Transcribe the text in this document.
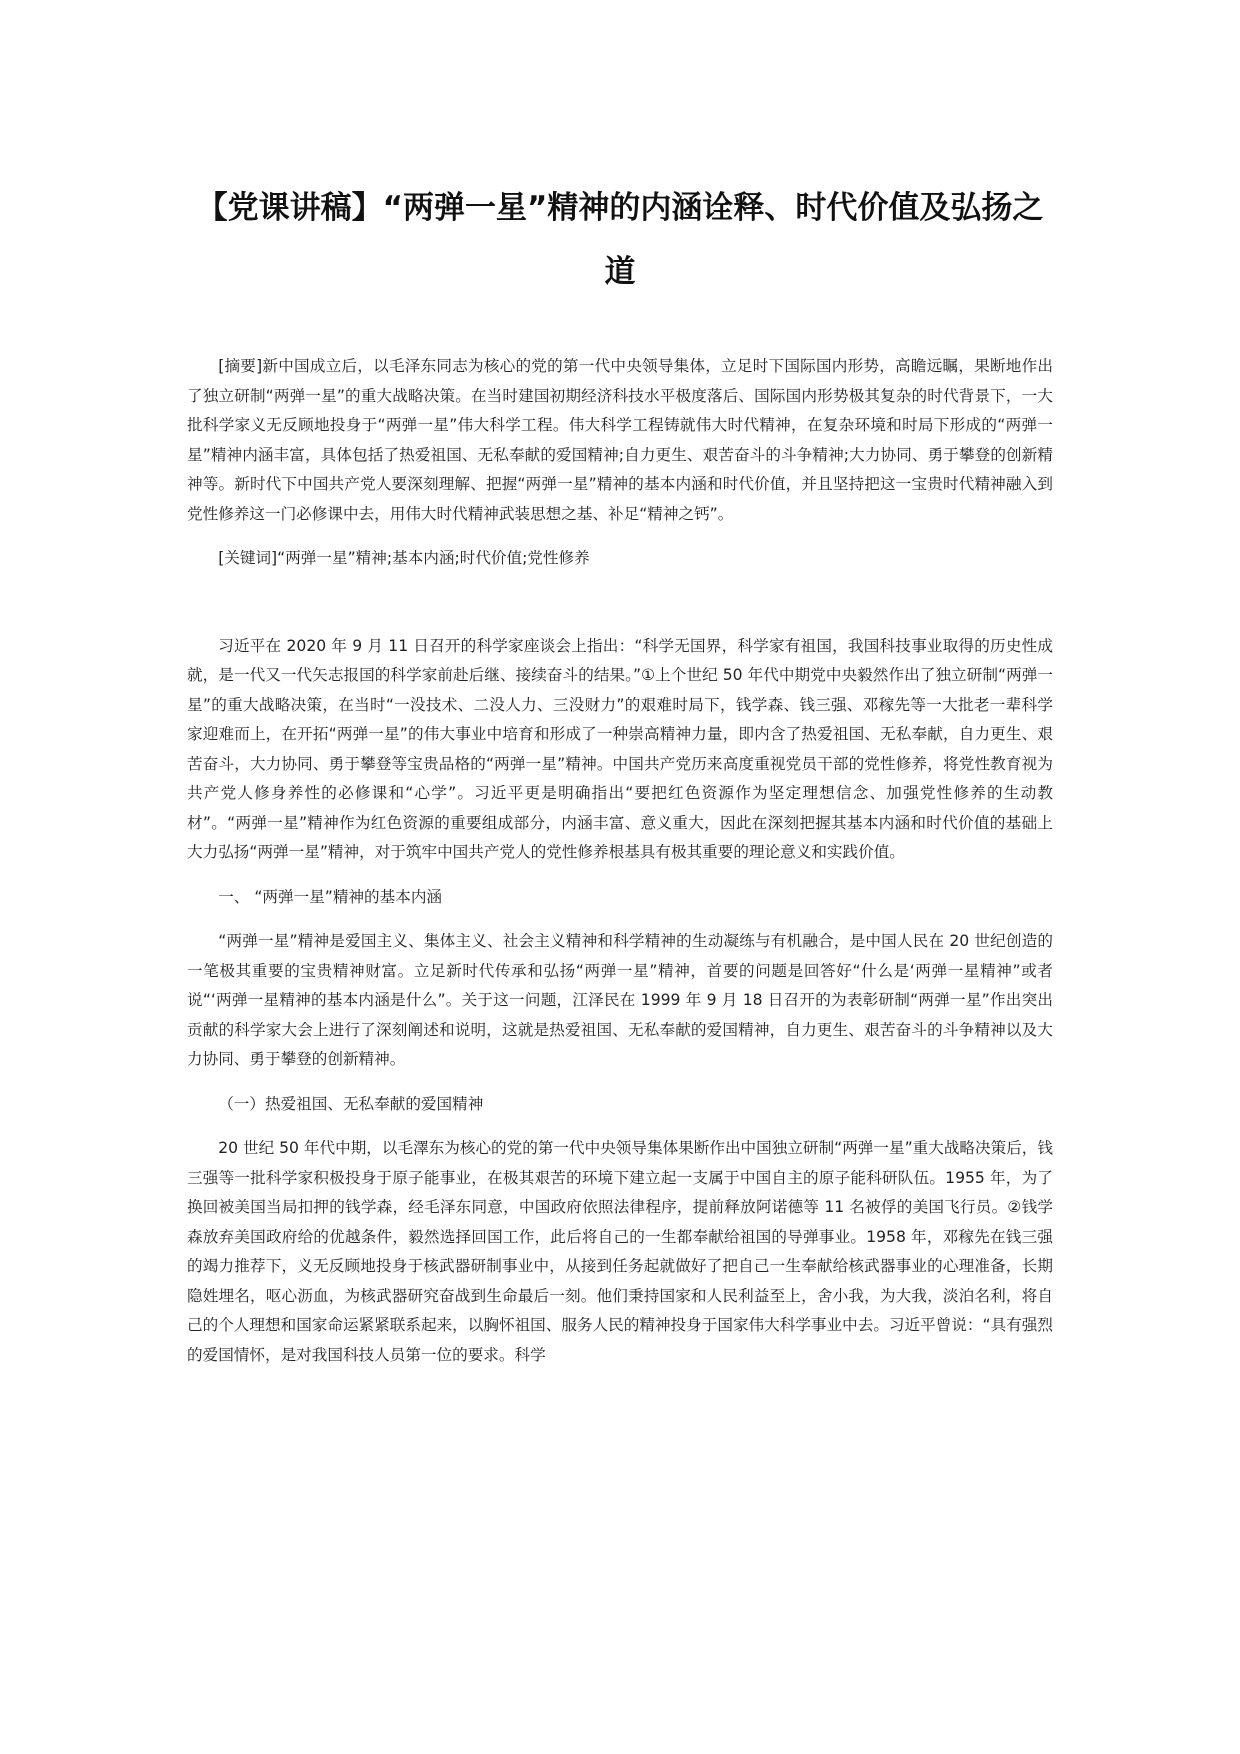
【党课讲稿】“两弹一星”精神的内涵诠释、时代价值及弘扬之道

[摘要]新中国成立后，以毛泽东同志为核心的党的第一代中央领导集体，立足时下国际国内形势，高瞻远瞩，果断地作出了独立研制“两弹一星”的重大战略决策。在当时建国初期经济科技水平极度落后、国际国内形势极其复杂的时代背景下，一大批科学家义无反顾地投身于“两弹一星”伟大科学工程。伟大科学工程铸就伟大时代精神，在复杂环境和时局下形成的“两弹一星”精神内涵丰富，具体包括了热爱祖国、无私奉献的爱国精神;自力更生、艰苦奋斗的斗争精神;大力协同、勇于攀登的创新精神等。新时代下中国共产党人要深刻理解、把握“两弹一星”精神的基本内涵和时代价值，并且坚持把这一宝贵时代精神融入到党性修养这一门必修课中去，用伟大时代精神武装思想之基、补足“精神之钙”。

[关键词]“两弹一星”精神;基本内涵;时代价值;党性修养

习近平在 2020 年 9 月 11 日召开的科学家座谈会上指出：“科学无国界，科学家有祖国，我国科技事业取得的历史性成就，是一代又一代矢志报国的科学家前赴后继、接续奋斗的结果。”①上个世纪 50 年代中期党中央毅然作出了独立研制“两弹一星”的重大战略决策，在当时“一没技术、二没人力、三没财力”的艰难时局下，钱学森、钱三强、邓稼先等一大批老一辈科学家迎难而上，在开拓“两弹一星”的伟大事业中培育和形成了一种崇高精神力量，即内含了热爱祖国、无私奉献，自力更生、艰苦奋斗，大力协同、勇于攀登等宝贵品格的“两弹一星”精神。中国共产党历来高度重视党员干部的党性修养，将党性教育视为共产党人修身养性的必修课和“心学”。习近平更是明确指出“要把红色资源作为坚定理想信念、加强党性修养的生动教材”。“两弹一星”精神作为红色资源的重要组成部分，内涵丰富、意义重大，因此在深刻把握其基本内涵和时代价值的基础上大力弘扬“两弹一星”精神，对于筑牢中国共产党人的党性修养根基具有极其重要的理论意义和实践价值。

一、 “两弹一星”精神的基本内涵

“两弹一星”精神是爱国主义、集体主义、社会主义精神和科学精神的生动凝练与有机融合，是中国人民在 20 世纪创造的一笔极其重要的宝贵精神财富。立足新时代传承和弘扬“两弹一星”精神，首要的问题是回答好“什么是‘两弹一星精神”或者说“‘两弹一星精神的基本内涵是什么”。关于这一问题，江泽民在 1999 年 9 月 18 日召开的为表彰研制“两弹一星”作出突出贡献的科学家大会上进行了深刻阐述和说明，这就是热爱祖国、无私奉献的爱国精神，自力更生、艰苦奋斗的斗争精神以及大力协同、勇于攀登的创新精神。

（一）热爱祖国、无私奉献的爱国精神

20 世纪 50 年代中期，以毛澤东为核心的党的第一代中央领导集体果断作出中国独立研制“两弹一星”重大战略决策后，钱三强等一批科学家积极投身于原子能事业，在极其艰苦的环境下建立起一支属于中国自主的原子能科研队伍。1955 年，为了换回被美国当局扣押的钱学森，经毛泽东同意，中国政府依照法律程序，提前释放阿诺德等 11 名被俘的美国飞行员。②钱学森放弃美国政府给的优越条件，毅然选择回国工作，此后将自己的一生都奉献给祖国的导弹事业。1958 年，邓稼先在钱三强的竭力推荐下，义无反顾地投身于核武器研制事业中，从接到任务起就做好了把自己一生奉献给核武器事业的心理准备，长期隐姓埋名，呕心沥血，为核武器研究奋战到生命最后一刻。他们秉持国家和人民利益至上，舍小我，为大我，淡泊名利，将自己的个人理想和国家命运紧紧联系起来，以胸怀祖国、服务人民的精神投身于国家伟大科学事业中去。习近平曾说：“具有强烈的爱国情怀，是对我国科技人员第一位的要求。科学
